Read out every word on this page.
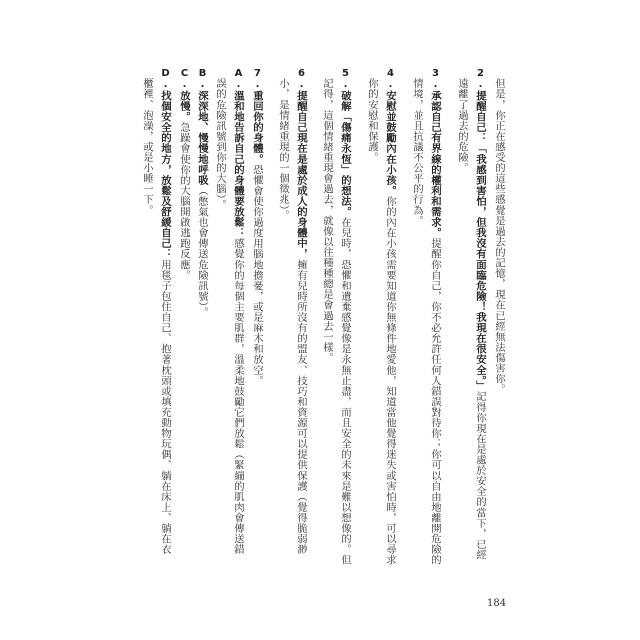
但是，你正在感受的這些感覺是過去的記憶，現在已經無法傷害你。
2.提醒自己：「我感到害怕，但我沒有面臨危險！我現在很安全。」記得你現在是處於安全的當下，已經
遠離了過去的危險。
3.承認自己有界線的權利和需求。提醒你自己，你不必允許任何人錯誤對待你；你可以自由地離開危險的
情境，並且抗議不公平的行為。
4.安慰並鼓勵內在小孩。你的內在小孩需要知道你無條件地愛他，知道當他覺得迷失或害怕時，可以尋求
你的安慰和保護。
5.破解「傷痛永恆」的想法。在兒時，恐懼和遺棄感覺像是永無止盡，而且安全的未來是難以想像的。但
記得，這個情緒重現會過去，就像以往種種總是會過去一樣。
6.提醒自己現在是處於成人的身體中，擁有兒時所沒有的盟友、技巧和資源可以提供保護（覺得脆弱渺
小，是情緒重現的一個徵兆）。
7.重回你的身體。恐懼會使你過度用腦地擔憂，或是麻木和放空。
A.溫和地告訴自己的身體要放鬆：感覺你的每個主要肌群，溫柔地鼓勵它們放鬆（緊繃的肌肉會傳送錯
誤的危險訊號到你的大腦）。
B.深深地、慢慢地呼吸（憋氣也會傳送危險訊號）。
C.放慢。急躁會使你的大腦開啟逃跑反應。
D.找個安全的地方，放鬆及舒緩自己：用毯子包住自己、抱著枕頭或填充動物玩偶、躺在床上、躺在衣
櫃裡、泡澡，或是小睡一下。
184
